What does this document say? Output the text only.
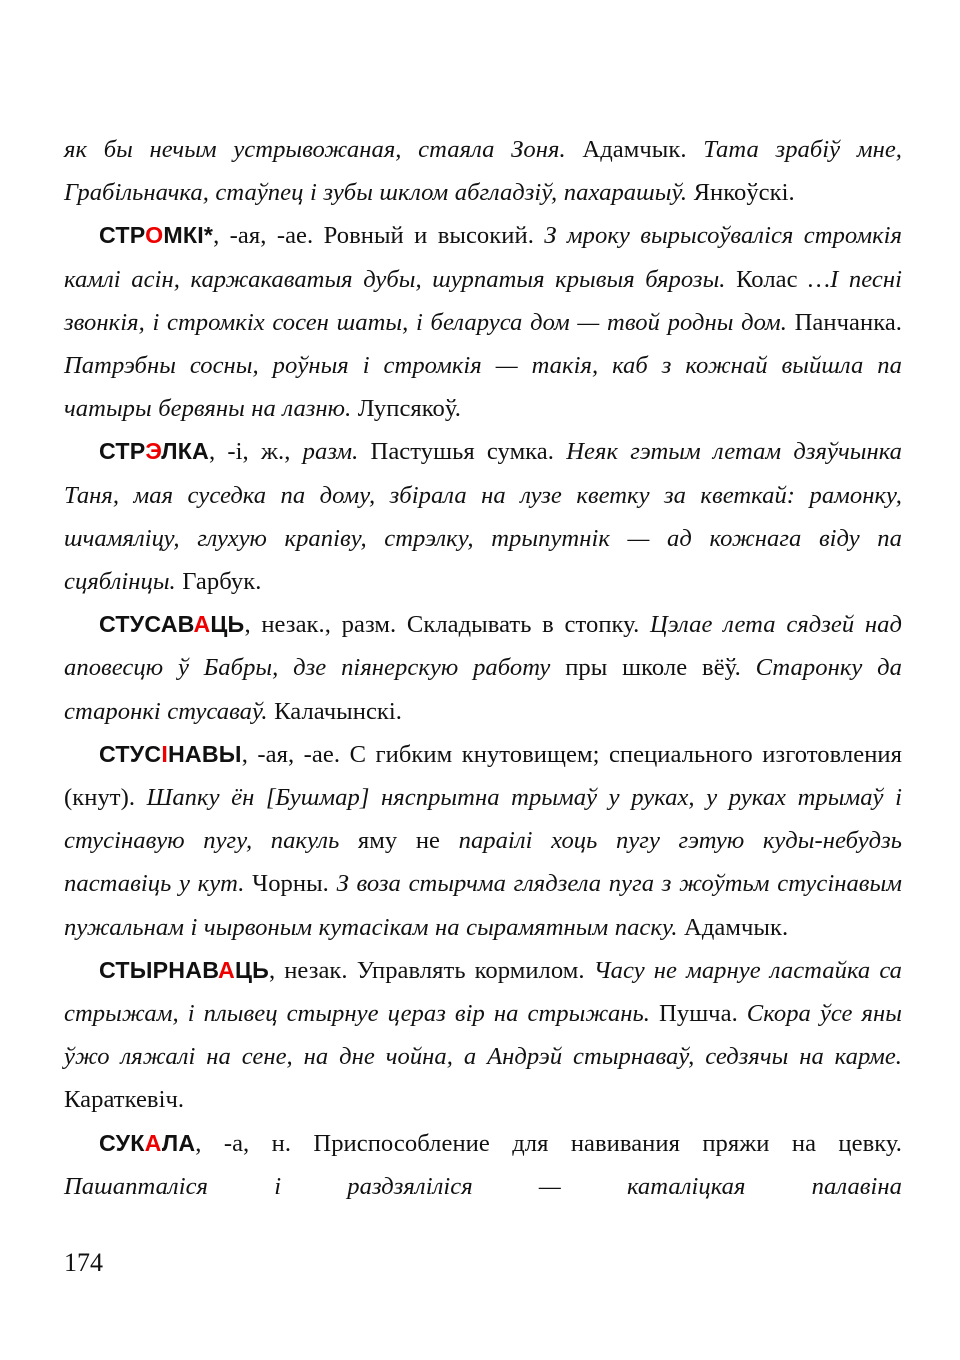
як бы нечым устрывожаная, стаяла Зоня. Адамчык. Тата зрабіў мне, Грабільначка, стаўпец і зубы шклом абгладзіў, пахарашыў. Янкоўскі.

СТРОМКІ*, -ая, -ае. Ровный и высокий. З мроку вырысоўваліся стромкія камлі асін, каржакаватыя дубы, шурпатыя крывыя бярозы. Колас …І песні звонкія, і стромкіх сосен шаты, і беларуса дом — твой родны дом. Панчанка. Патрэбны сосны, роўныя і стромкія — такія, каб з кожнай выйшла па чатыры бервяны на лазню. Лупсякоў.

СТРЭЛКА, -і, ж., разм. Пастушья сумка. Неяк гэтым летам дзяўчынка Таня, мая суседка па дому, збірала на лузе кветку за кветкай: рамонку, шчамяліцу, глухую крапіву, стрэлку, трыпутнік — ад кожнага віду па сцяблінцы. Гарбук.

СТУСАВАЦЬ, незак., разм. Складывать в стопку. Цэлае лета сядзей над аповесцю ў Бабры, дзе піянерскую работу пры школе вёў. Старонку да старонкі стусаваў. Калачынскі.

СТУСІНАВЫ, -ая, -ае. С гибким кнутовищем; специального изготовления (кнут). Шапку ён [Бушмар] няспрытна трымаў у руках, у руках трымаў і стусінавую пугу, пакуль яму не параілі хоць пугу гэтую куды-небудзь паставіць у кут. Чорны. З воза стырчма глядзела пуга з жоўтьм стусінавым пужальнам і чырвоным кутасікам на сырамятным паску. Адамчык.

СТЫРНАВАЦЬ, незак. Управлять кормилом. Часу не марнуе ластайка са стрыжам, і плывец стырнуе цераз вір на стрыжань. Пушча. Скора ўсе яны ўжо ляжалі на сене, на дне чойна, а Андрэй стырнаваў, седзячы на карме. Караткевіч.

СУКАЛА, -а, н. Приспособление для навивания пряжи на цевку. Пашапталіся і раздзяліліся — каталіцкая палавіна

174
